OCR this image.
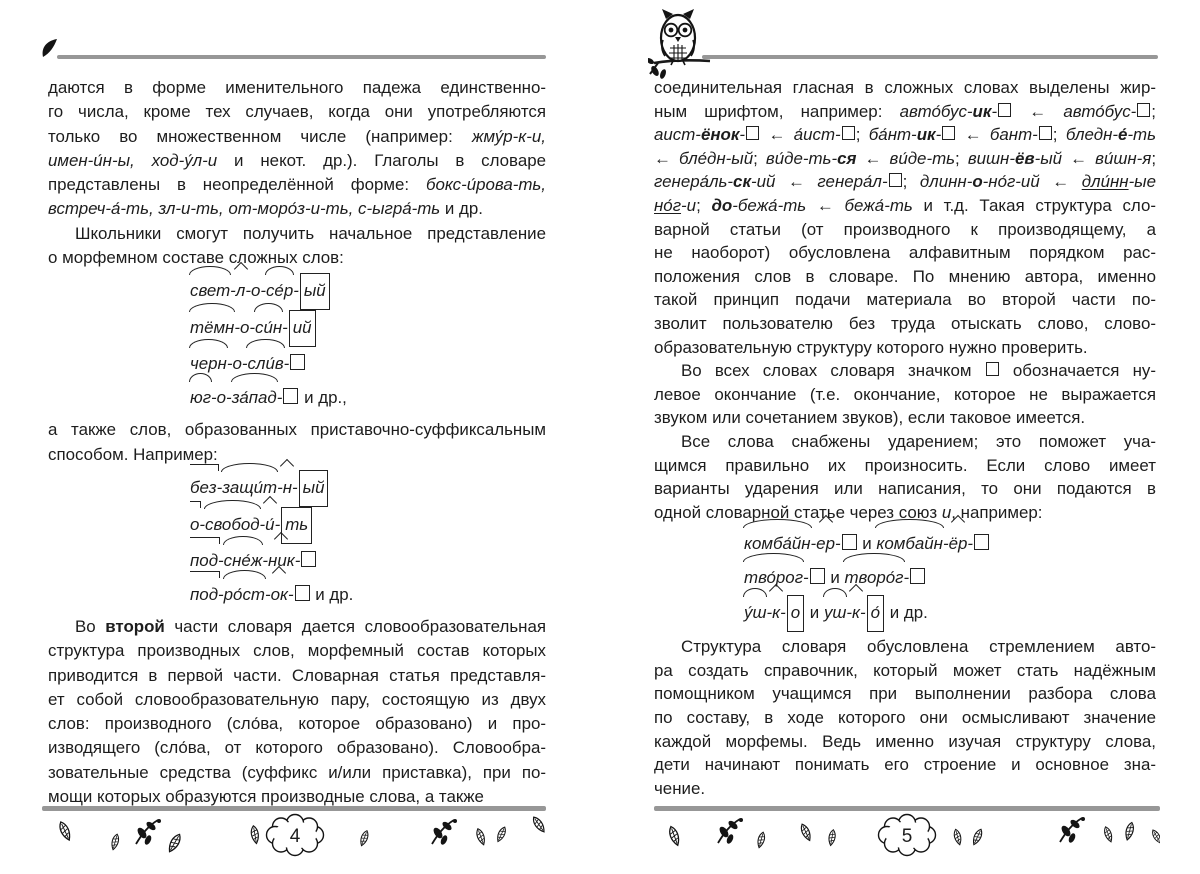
даются в форме именительного падежа единственно-
го числа, кроме тех случаев, когда они употребляются
только во множественном числе (например: жму́р-к-и,
имен-и́н-ы, ход-у́л-и и некот. др.). Глаголы в словаре
представлены в неопределённой форме: бокс-и́рова-ть,
встреч-а́-ть, зл-и-ть, от-моро́з-и-ть, с-ыгра́-ть и др.
Школьники смогут получить начальное представление
о морфемном составе сложных слов:
свет-л-о-се́р- ый
тёмн-о-си́н- ий
черн-о-сли́в-
юг-о-за́пад- и др.,
а также слов, образованных приставочно-суффиксальным
способом. Например:
без-защи́т-н- ый
о-свобод-и́- ть
под-сне́ж-ник-
под-ро́ст-ок- и др.
Во второй части словаря дается словообразовательная
структура производных слов, морфемный состав которых
приводится в первой части. Словарная статья представля-
ет собой словообразовательную пару, состоящую из двух
слов: производного (сло́ва, которое образовано) и про-
изводящего (сло́ва, от которого образовано). Словообра-
зовательные средства (суффикс и/или приставка), при по-
мощи которых образуются производные слова, а также
соединительная гласная в сложных словах выделены жир-
ным шрифтом, например: авто́бус-ик- ← авто́бус- ;
аист-ёнок- ← а́ист- ; ба́нт-ик- ← бант- ; бледн-е́-ть
← бле́дн-ый; ви́де-ть-ся ← ви́де-ть; вишн-ёв-ый ← ви́шн-я;
генера́ль-ск-ий ← генера́л- ; длинн-о-но́г-ий ← дли́нн-ые
но́г-и; до-бежа́-ть ← бежа́-ть и т.д. Такая структура сло-
варной статьи (от производного к производящему, а
не наоборот) обусловлена алфавитным порядком рас-
положения слов в словаре. По мнению автора, именно
такой принцип подачи материала во второй части по-
зволит пользователю без труда отыскать слово, слово-
образовательную структуру которого нужно проверить.
Во всех словах словаря значком  обозначается ну-
левое окончание (т.е. окончание, которое не выражается
звуком или сочетанием звуков), если таковое имеется.
Все слова снабжены ударением; это поможет уча-
щимся правильно их произносить. Если слово имеет
варианты ударения или написания, то они подаются в
одной словарной статье через союз и, например:
комба́йн-ер- и комбайн-ёр-
тво́рог- и творо́г-
у́ш-к- о и уш-к- о́ и др.
Структура словаря обусловлена стремлением авто-
ра создать справочник, который может стать надёжным
помощником учащимся при выполнении разбора слова
по составу, в ходе которого они осмысливают значение
каждой морфемы. Ведь именно изучая структуру слова,
дети начинают понимать его строение и основное зна-
чение.
4	5
